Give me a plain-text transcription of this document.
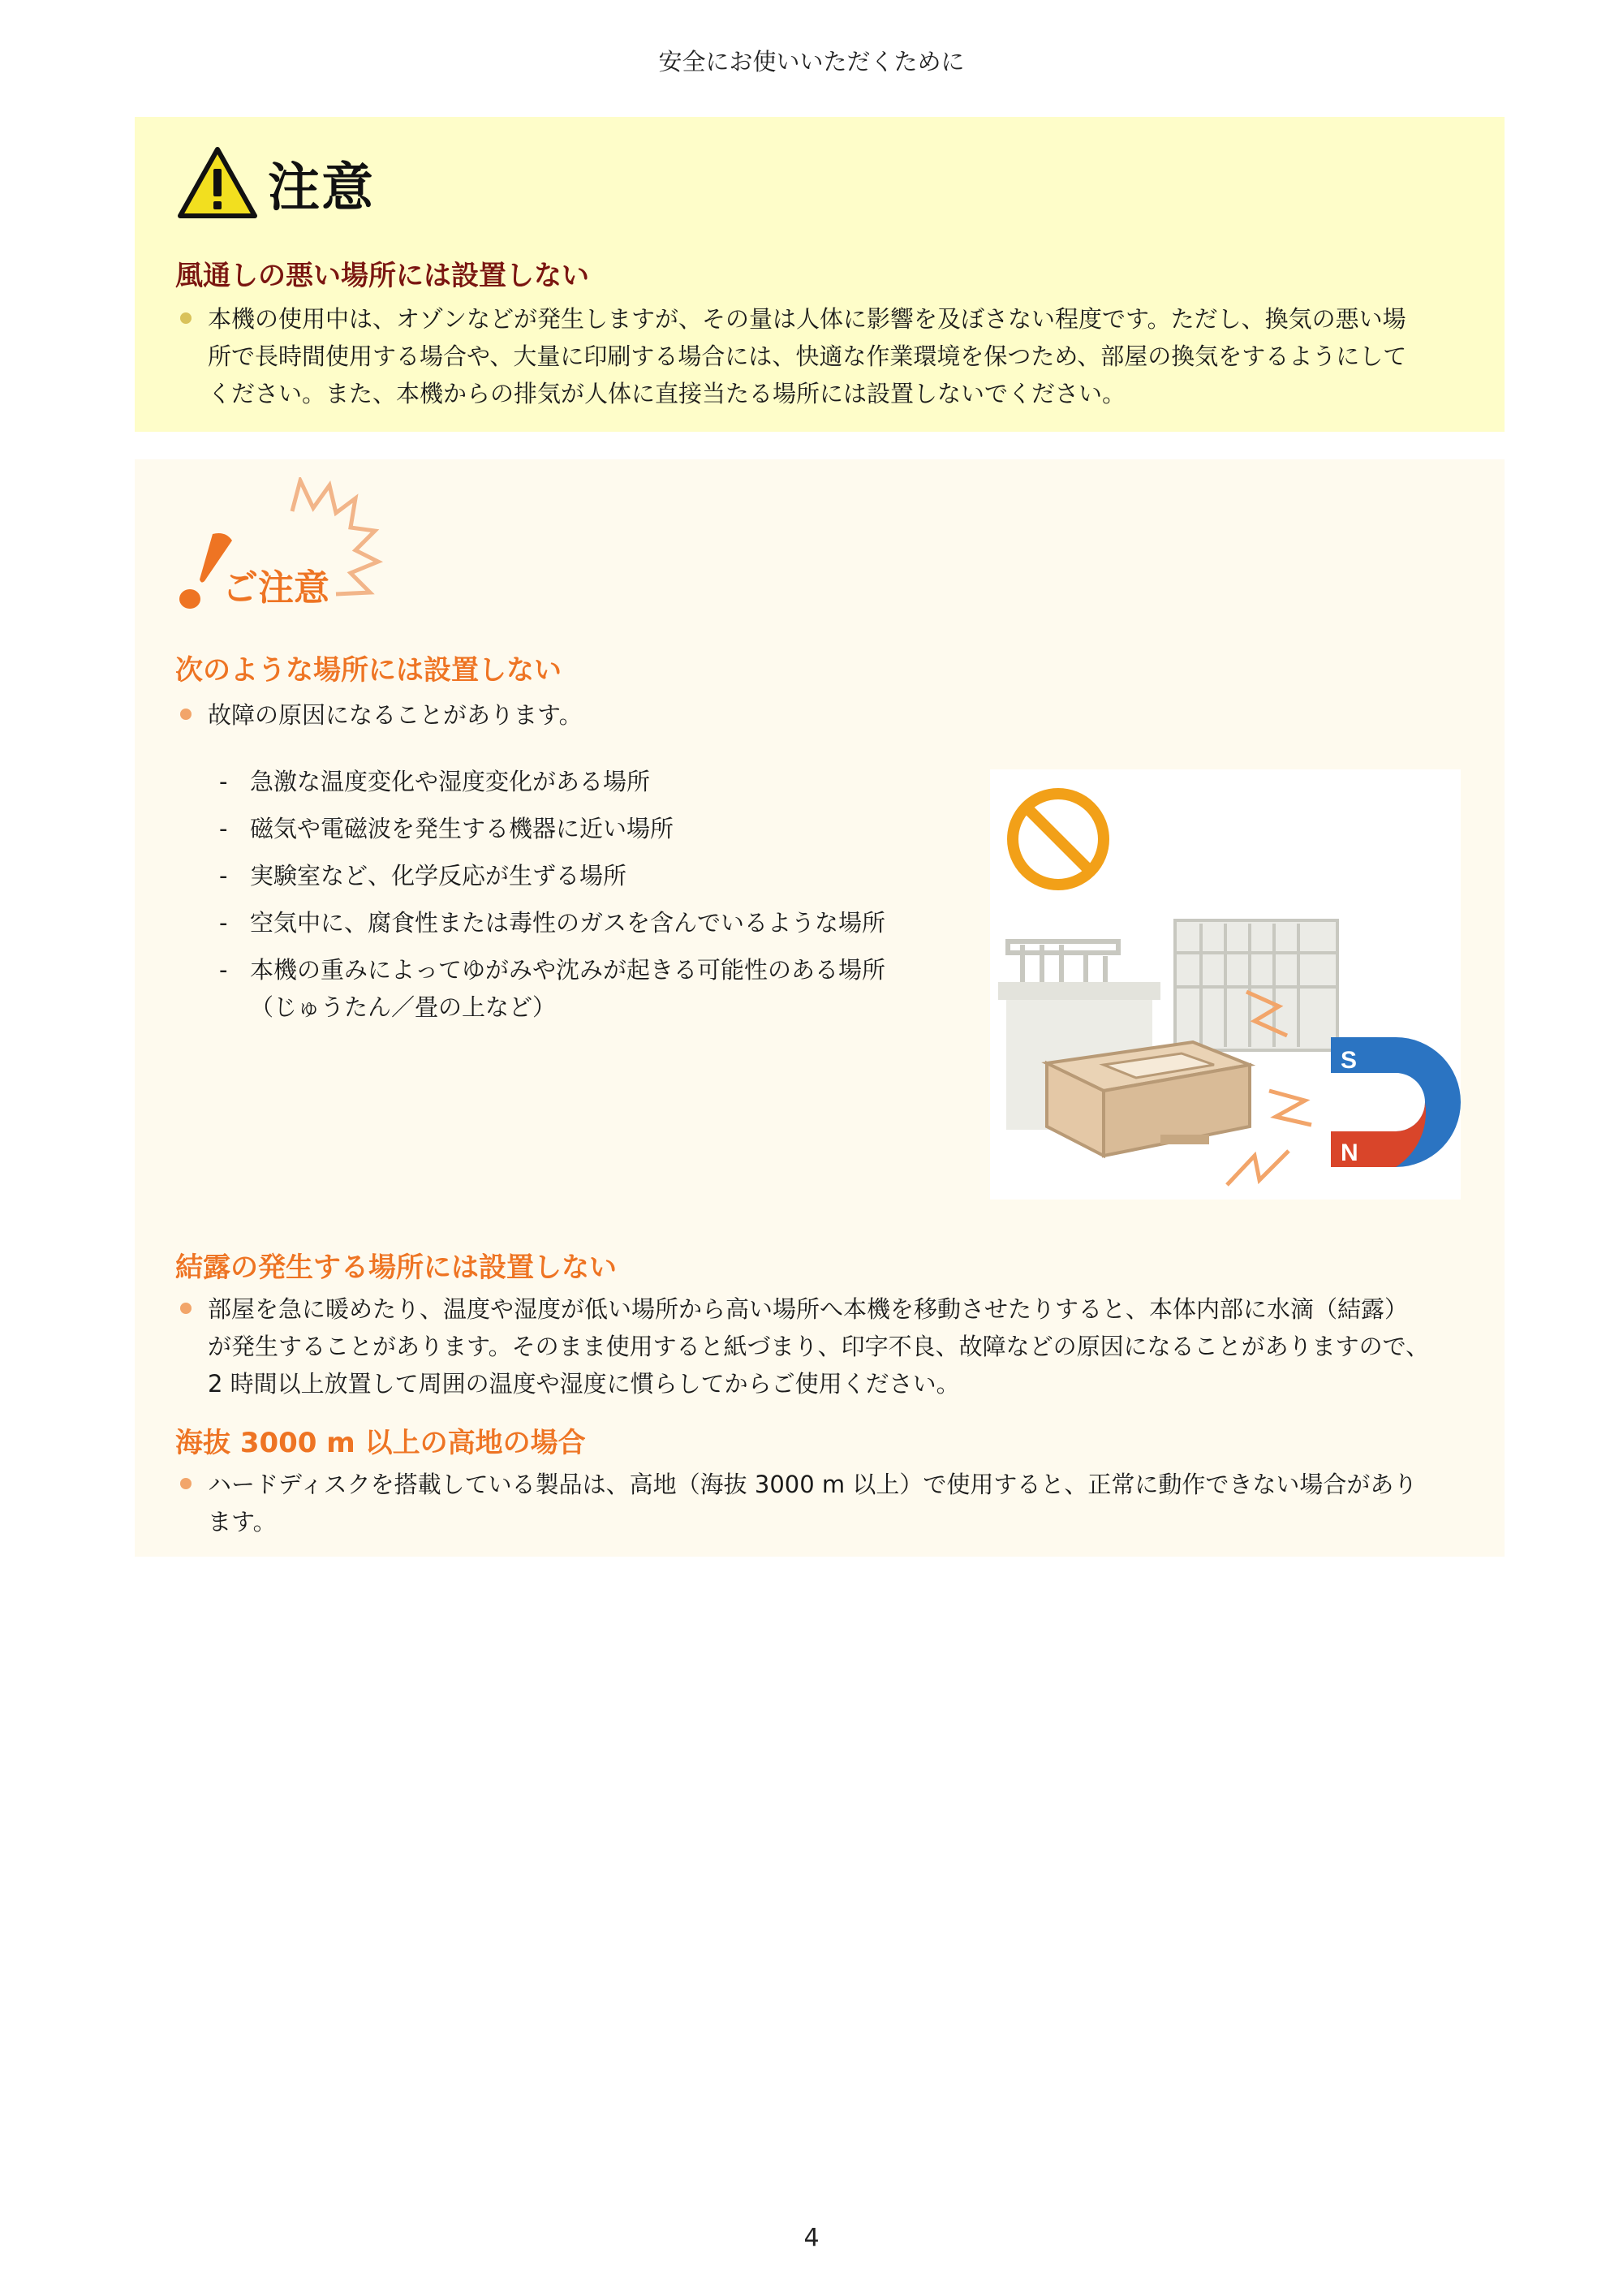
安全にお使いいただくために
注意
風通しの悪い場所には設置しない
本機の使用中は、オゾンなどが発生しますが、その量は人体に影響を及ぼさない程度です。ただし、換気の悪い場
所で長時間使用する場合や、大量に印刷する場合には、快適な作業環境を保つため、部屋の換気をするようにして
ください。また、本機からの排気が人体に直接当たる場所には設置しないでください。
ご注意
次のような場所には設置しない
故障の原因になることがあります。
- 急激な温度変化や湿度変化がある場所
- 磁気や電磁波を発生する機器に近い場所
- 実験室など、化学反応が生ずる場所
- 空気中に、腐食性または毒性のガスを含んでいるような場所
- 本機の重みによってゆがみや沈みが起きる可能性のある場所
（じゅうたん／畳の上など）
S
N
結露の発生する場所には設置しない
部屋を急に暖めたり、温度や湿度が低い場所から高い場所へ本機を移動させたりすると、本体内部に水滴（結露）
が発生することがあります。そのまま使用すると紙づまり、印字不良、故障などの原因になることがありますので、
2 時間以上放置して周囲の温度や湿度に慣らしてからご使用ください。
海抜 3000 m 以上の高地の場合
ハードディスクを搭載している製品は、高地（海抜 3000 m 以上）で使用すると、正常に動作できない場合があり
ます。
4
